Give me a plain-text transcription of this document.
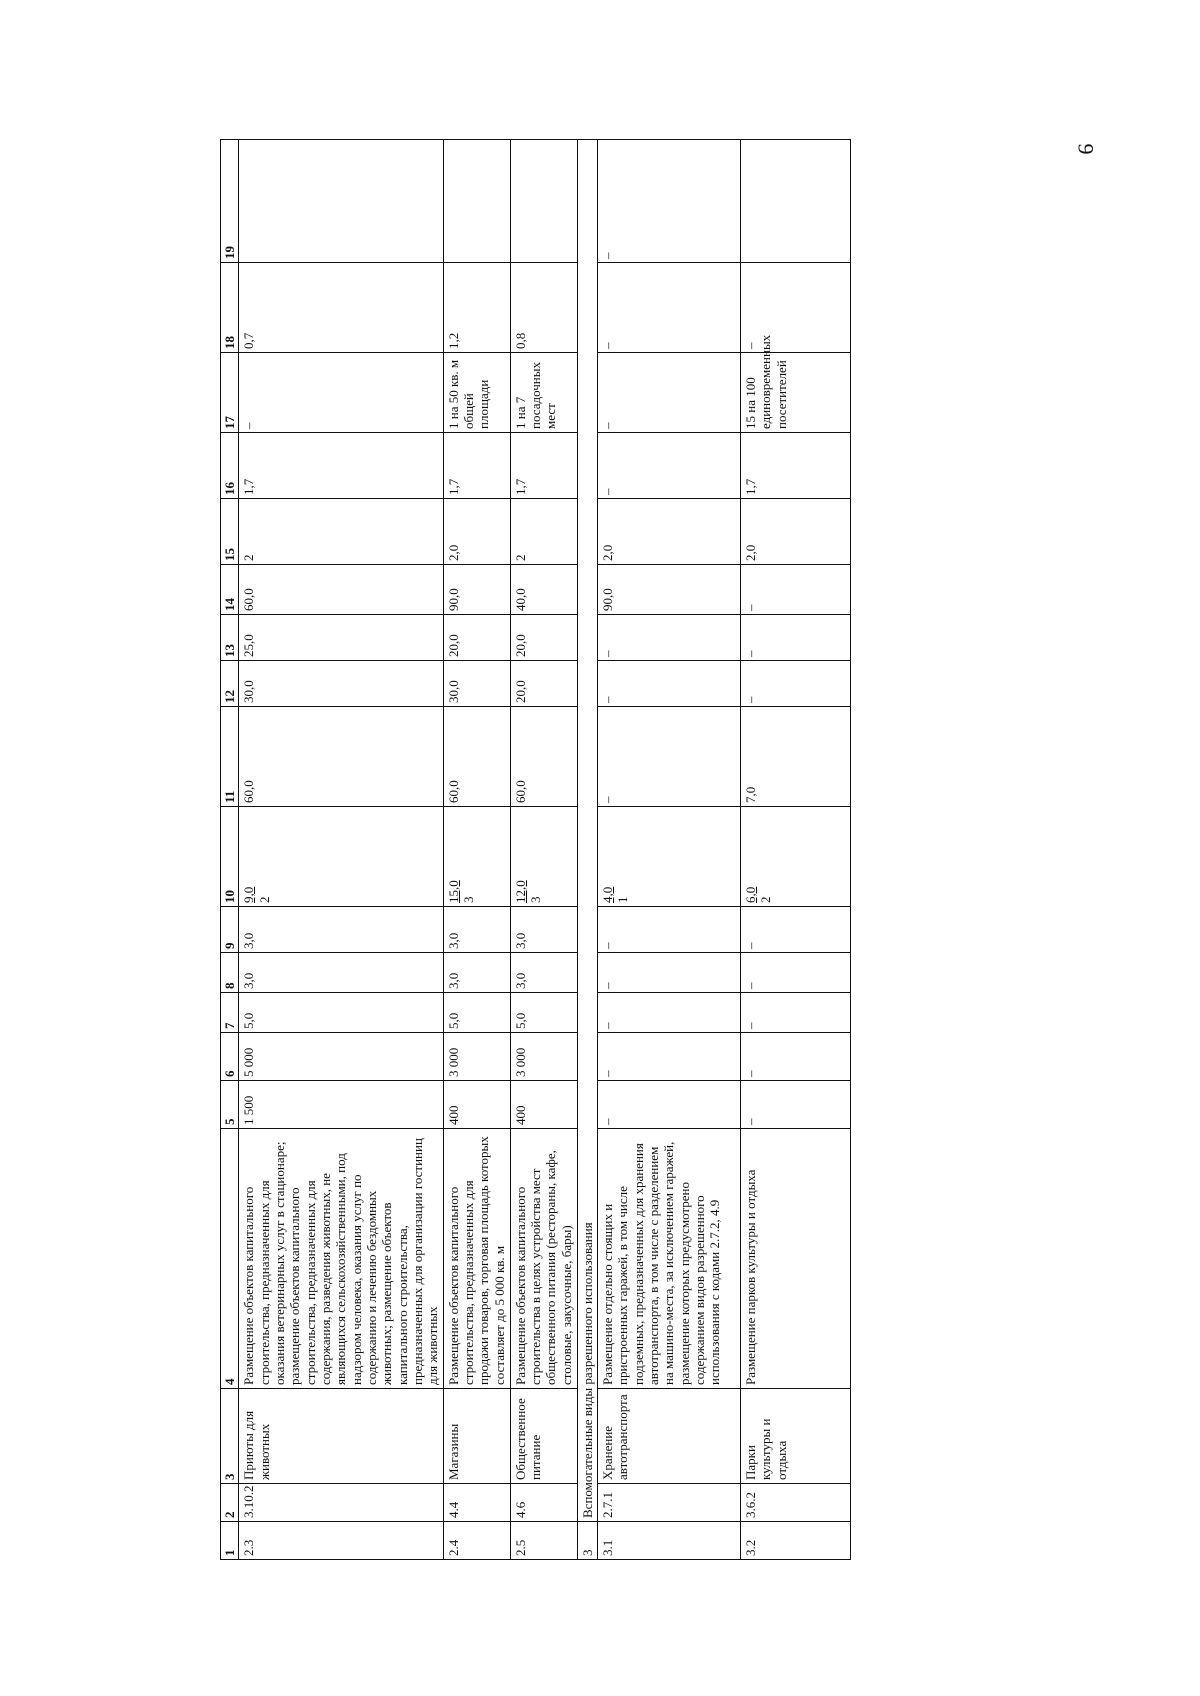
9
1	2	3	4	5	6	7	8	9	10	11	12	13	14	15	16	17	18	19
2.3	3.10.2	Приюты для животных	Размещение объектов капитального строительства, предназначенных для оказания ветеринарных услуг в стационаре; размещение объектов капитального строительства, предназначенных для содержания, разведения животных, не являющихся сельскохозяйственными, под надзором человека, оказания услуг по содержанию и лечению бездомных животных; размещение объектов капитального строительства, предназначенных для организации гостиниц для животных	1 500	5 000	5,0	3,0	3,0	9,0 2	60,0	30,0	25,0	60,0	2	1,7	–	0,7	
2.4	4.4	Магазины	Размещение объектов капитального строительства, предназначенных для продажи товаров, торговая площадь которых составляет до 5 000 кв. м	400	3 000	5,0	3,0	3,0	15,0 3	60,0	30,0	20,0	90,0	2,0	1,7	1 на 50 кв. м общей площади	1,2	
2.5	4.6	Общественное питание	Размещение объектов капитального строительства в целях устройства мест общественного питания (рестораны, кафе, столовые, закусочные, бары)	400	3 000	5,0	3,0	3,0	12,0 3	60,0	20,0	20,0	40,0	2	1,7	1 на 7 посадочных мест	0,8	
3	Вспомогательные виды разрешенного использования																	
3.1	2.7.1	Хранение автотранспорта	Размещение отдельно стоящих и пристроенных гаражей, в том числе подземных, предназначенных для хранения автотранспорта, в том числе с разделением на машино-места, за исключением гаражей, размещение которых предусмотрено содержанием видов разрешенного использования с кодами 2.7.2, 4.9	–	–	–	–	–	4,0 1	–	–	–	90,0	2,0	–	–	–	–
3.2	3.6.2	Парки культуры и отдыха	Размещение парков культуры и отдыха	–	–	–	–	–	6,0 2	7,0	–	–	–	2,0	1,7	15 на 100 единовременных посетителей	–	
